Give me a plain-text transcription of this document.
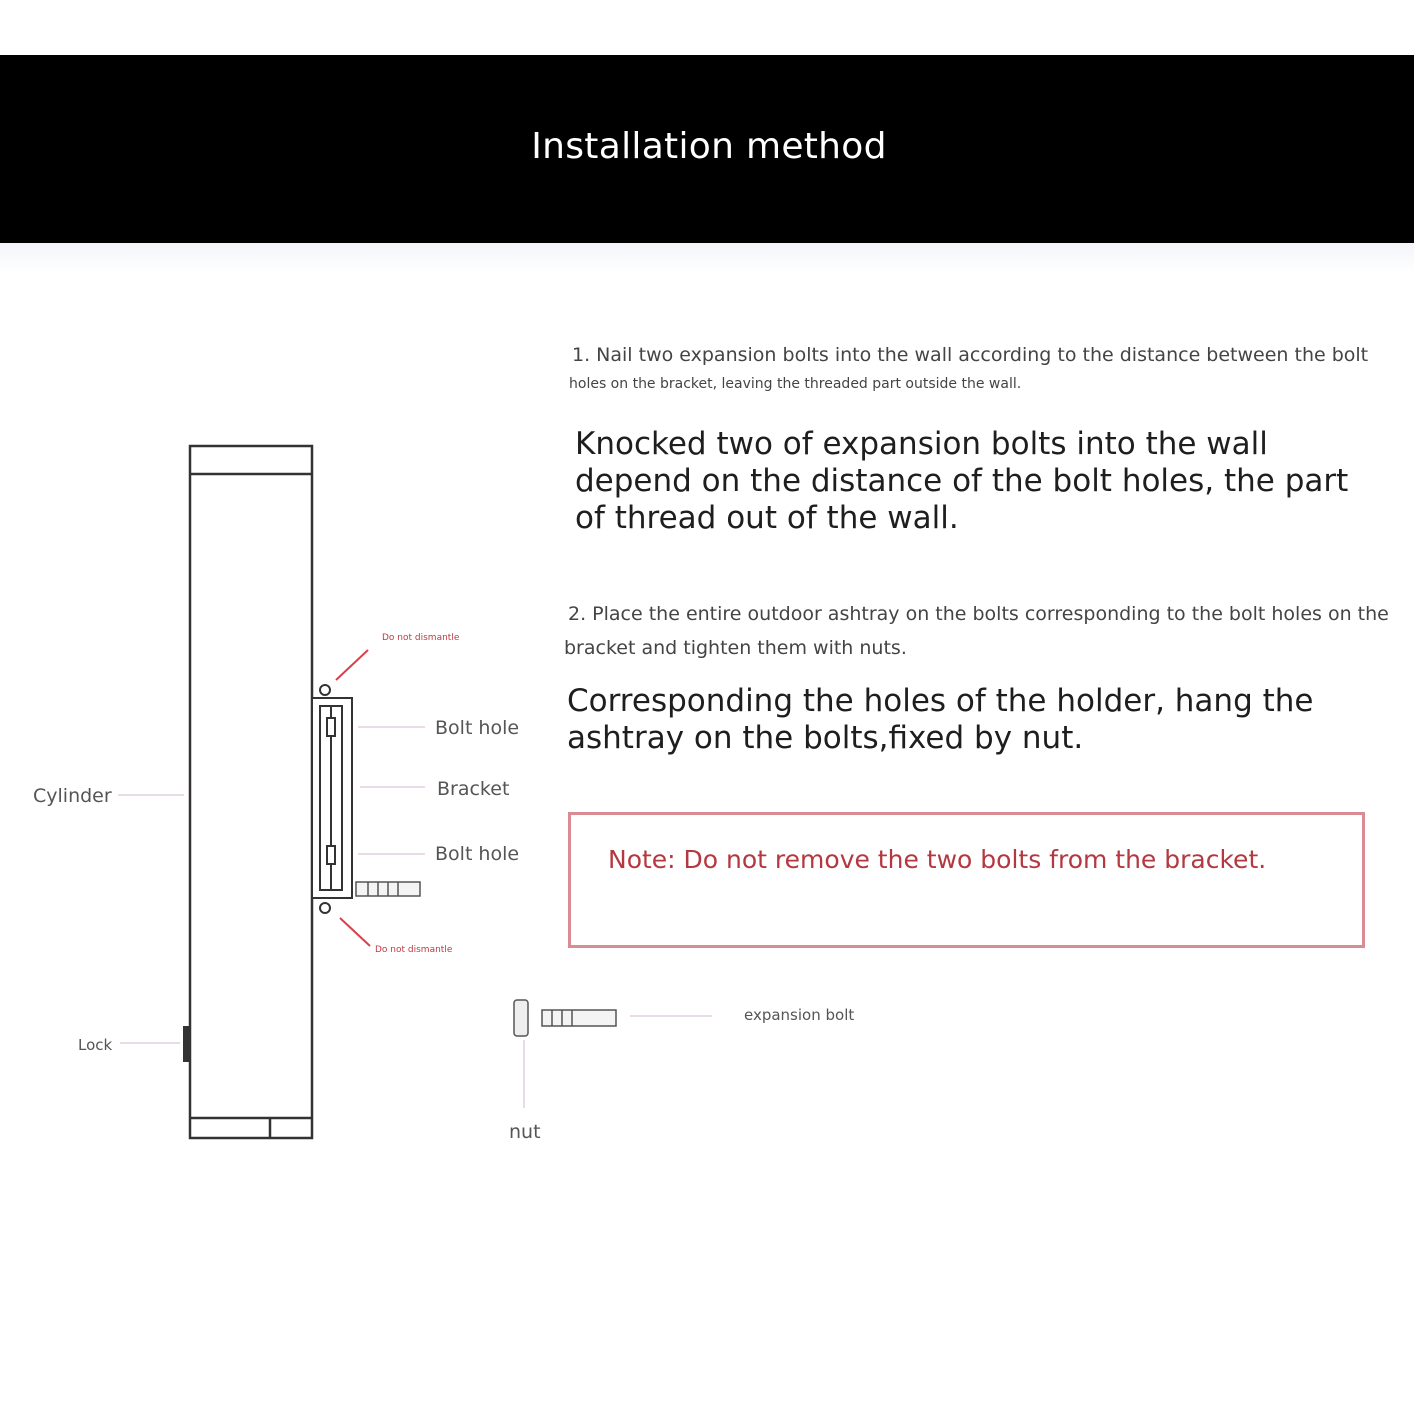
Installation method
1. Nail two expansion bolts into the wall according to the distance between the bolt
holes on the bracket, leaving the threaded part outside the wall.
Knocked two of expansion bolts into the wall depend on the distance of the bolt holes, the part of thread out of the wall.
2. Place the entire outdoor ashtray on the bolts corresponding to the bolt holes on the
bracket and tighten them with nuts.
Corresponding the holes of the holder, hang the ashtray on the bolts,fixed by nut.
Note: Do not remove the two bolts from the bracket.
Cylinder
Lock
Bolt hole
Bracket
Bolt hole
Do not dismantle
Do not dismantle
expansion bolt
nut
